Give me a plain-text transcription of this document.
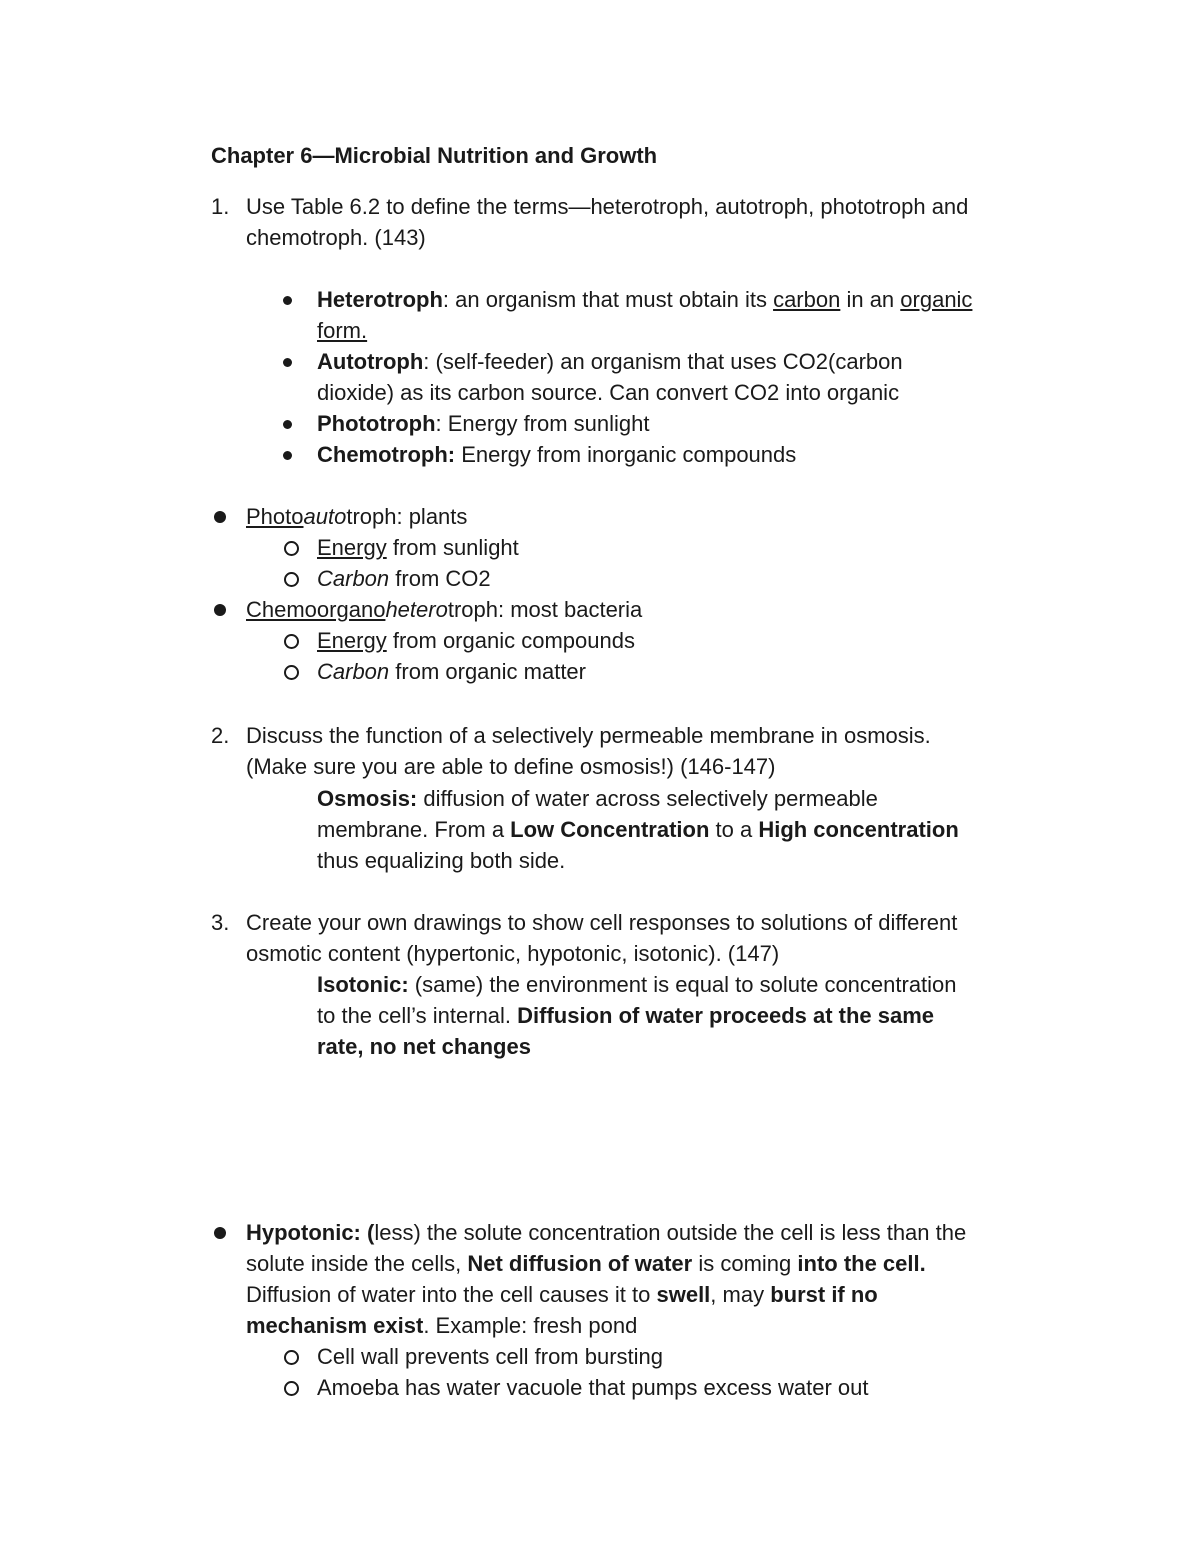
Chapter 6—Microbial Nutrition and Growth
1. Use Table 6.2 to define the terms—heterotroph, autotroph, phototroph and
chemotroph. (143)
Heterotroph: an organism that must obtain its carbon in an organic
form.
Autotroph: (self-feeder) an organism that uses CO2(carbon
dioxide) as its carbon source. Can convert CO2 into organic
Phototroph: Energy from sunlight
Chemotroph: Energy from inorganic compounds
Photoautotroph: plants
Energy from sunlight
Carbon from CO2
Chemoorganoheterotroph: most bacteria
Energy from organic compounds
Carbon from organic matter
2. Discuss the function of a selectively permeable membrane in osmosis.
(Make sure you are able to define osmosis!) (146-147)
Osmosis: diffusion of water across selectively permeable
membrane. From a Low Concentration to a High concentration
thus equalizing both side.
3. Create your own drawings to show cell responses to solutions of different
osmotic content (hypertonic, hypotonic, isotonic). (147)
Isotonic: (same) the environment is equal to solute concentration
to the cell’s internal. Diffusion of water proceeds at the same
rate, no net changes
Hypotonic: (less) the solute concentration outside the cell is less than the
solute inside the cells, Net diffusion of water is coming into the cell.
Diffusion of water into the cell causes it to swell, may burst if no
mechanism exist. Example: fresh pond
Cell wall prevents cell from bursting
Amoeba has water vacuole that pumps excess water out
